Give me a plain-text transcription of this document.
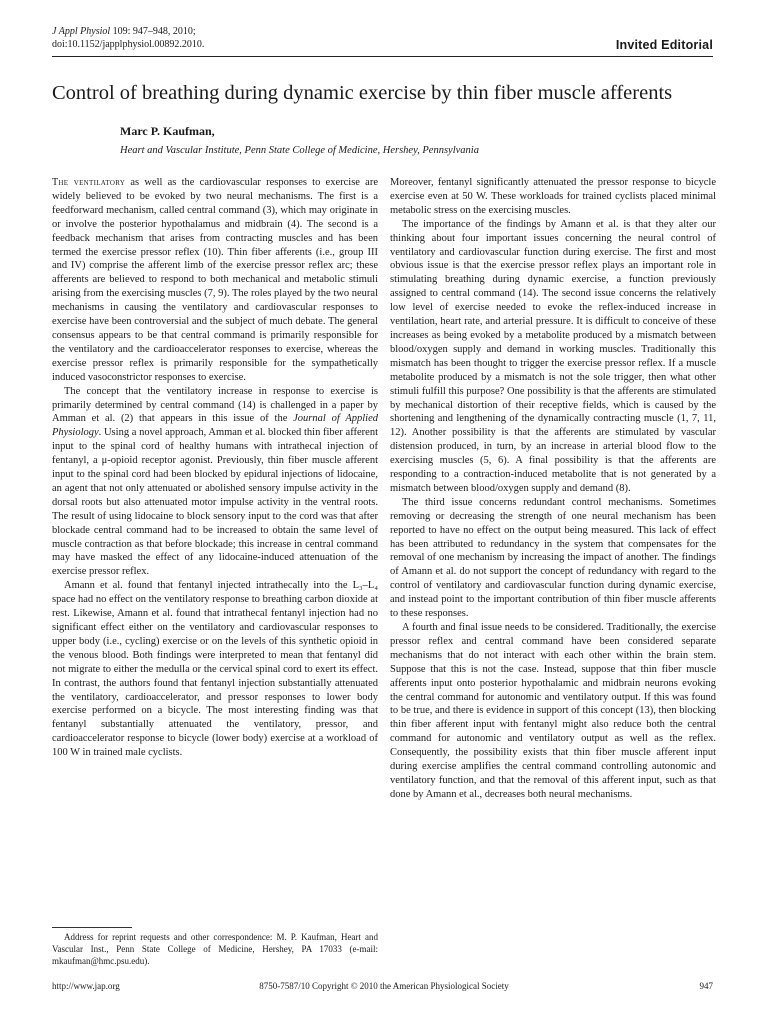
J Appl Physiol 109: 947–948, 2010;
doi:10.1152/japplphysiol.00892.2010.	Invited Editorial
Control of breathing during dynamic exercise by thin fiber muscle afferents
Marc P. Kaufman,
Heart and Vascular Institute, Penn State College of Medicine, Hershey, Pennsylvania

The ventilatory as well as the cardiovascular responses to exercise are widely believed to be evoked by two neural mechanisms. The first is a feedforward mechanism, called central command (3), which may originate in or involve the posterior hypothalamus and midbrain (4). The second is a feedback mechanism that arises from contracting muscles and has been termed the exercise pressor reflex (10). Thin fiber afferents (i.e., group III and IV) comprise the afferent limb of the exercise pressor reflex arc; these afferents are believed to respond to both mechanical and metabolic stimuli arising from the exercising muscles (7, 9). The roles played by the two neural mechanisms in causing the ventilatory and cardiovascular responses to exercise have been controversial and the subject of much debate. The general consensus appears to be that central command is primarily responsible for the ventilatory and the cardioaccelerator responses to exercise, whereas the exercise pressor reflex is primarily responsible for the sympathetically induced vasoconstrictor responses to exercise.

The concept that the ventilatory increase in response to exercise is primarily determined by central command (14) is challenged in a paper by Amman et al. (2) that appears in this issue of the Journal of Applied Physiology. Using a novel approach, Amman et al. blocked thin fiber afferent input to the spinal cord of healthy humans with intrathecal injection of fentanyl, a μ-opioid receptor agonist. Previously, thin fiber muscle afferent input to the spinal cord had been blocked by epidural injections of lidocaine, an agent that not only attenuated or abolished sensory impulse activity in the dorsal roots but also attenuated motor impulse activity in the ventral roots. The result of using lidocaine to block sensory input to the cord was that after blockade central command had to be increased to obtain the same level of muscle contraction as that before blockade; this increase in central command may have masked the effect of any lidocaine-induced attenuation of the exercise pressor reflex.

Amann et al. found that fentanyl injected intrathecally into the L₃–L₄ space had no effect on the ventilatory response to breathing carbon dioxide at rest. Likewise, Amann et al. found that intrathecal fentanyl injection had no significant effect either on the ventilatory and cardiovascular responses to upper body (i.e., cycling) exercise or on the levels of this synthetic opioid in the venous blood. Both findings were interpreted to mean that fentanyl did not migrate to either the medulla or the cervical spinal cord to exert its effect. In contrast, the authors found that fentanyl injection substantially attenuated the ventilatory, cardioaccelerator, and pressor responses to lower body exercise performed on a bicycle. The most interesting finding was that fentanyl substantially attenuated the ventilatory, pressor, and cardioaccelerator response to bicycle (lower body) exercise at a workload of 100 W in trained male cyclists.

Moreover, fentanyl significantly attenuated the pressor response to bicycle exercise even at 50 W. These workloads for trained cyclists placed minimal metabolic stress on the exercising muscles.

The importance of the findings by Amann et al. is that they alter our thinking about four important issues concerning the neural control of ventilatory and cardiovascular function during exercise. The first and most obvious issue is that the exercise pressor reflex plays an important role in stimulating breathing during dynamic exercise, a function previously assigned to central command (14). The second issue concerns the relatively low level of exercise needed to evoke the reflex-induced increase in ventilation, heart rate, and arterial pressure. It is difficult to conceive of these increases as being evoked by a metabolite produced by a mismatch between blood/oxygen supply and demand in working muscles. Traditionally this mismatch has been thought to trigger the exercise pressor reflex. If a muscle metabolite produced by a mismatch is not the sole trigger, then what other stimuli fulfill this purpose? One possibility is that the afferents are stimulated by mechanical distortion of their receptive fields, which is caused by the shortening and lengthening of the dynamically contracting muscle (1, 7, 11, 12). Another possibility is that the afferents are stimulated by vascular distension produced, in turn, by an increase in arterial blood flow to the exercising muscles (5, 6). A final possibility is that the afferents are responding to a contraction-induced metabolite that is not generated by a mismatch between blood/oxygen supply and demand (8).

The third issue concerns redundant control mechanisms. Sometimes removing or decreasing the strength of one neural mechanism has been reported to have no effect on the output being measured. This lack of effect has been attributed to redundancy in the system that compensates for the removal of one mechanism by increasing the impact of another. The findings of Amann et al. do not support the concept of redundancy with regard to the control of ventilatory and cardiovascular function during dynamic exercise, and instead point to the important contribution of thin fiber muscle afferents to these responses.

A fourth and final issue needs to be considered. Traditionally, the exercise pressor reflex and central command have been considered separate mechanisms that do not interact with each other within the brain stem. Suppose that this is not the case. Instead, suppose that thin fiber muscle afferents input onto posterior hypothalamic and midbrain neurons evoking the central command for autonomic and ventilatory output. If this was found to be true, and there is evidence in support of this concept (13), then blocking thin fiber afferent input with fentanyl might also reduce both the central command for autonomic and ventilatory output as well as the reflex. Consequently, the possibility exists that thin fiber muscle afferent input during exercise amplifies the central command controlling autonomic and ventilatory function, and that the removal of this afferent input, such as that done by Amann et al., decreases both neural mechanisms.

Address for reprint requests and other correspondence: M. P. Kaufman, Heart and Vascular Inst., Penn State College of Medicine, Hershey, PA 17033 (e-mail: mkaufman@hmc.psu.edu).
http://www.jap.org	8750-7587/10 Copyright © 2010 the American Physiological Society	947
